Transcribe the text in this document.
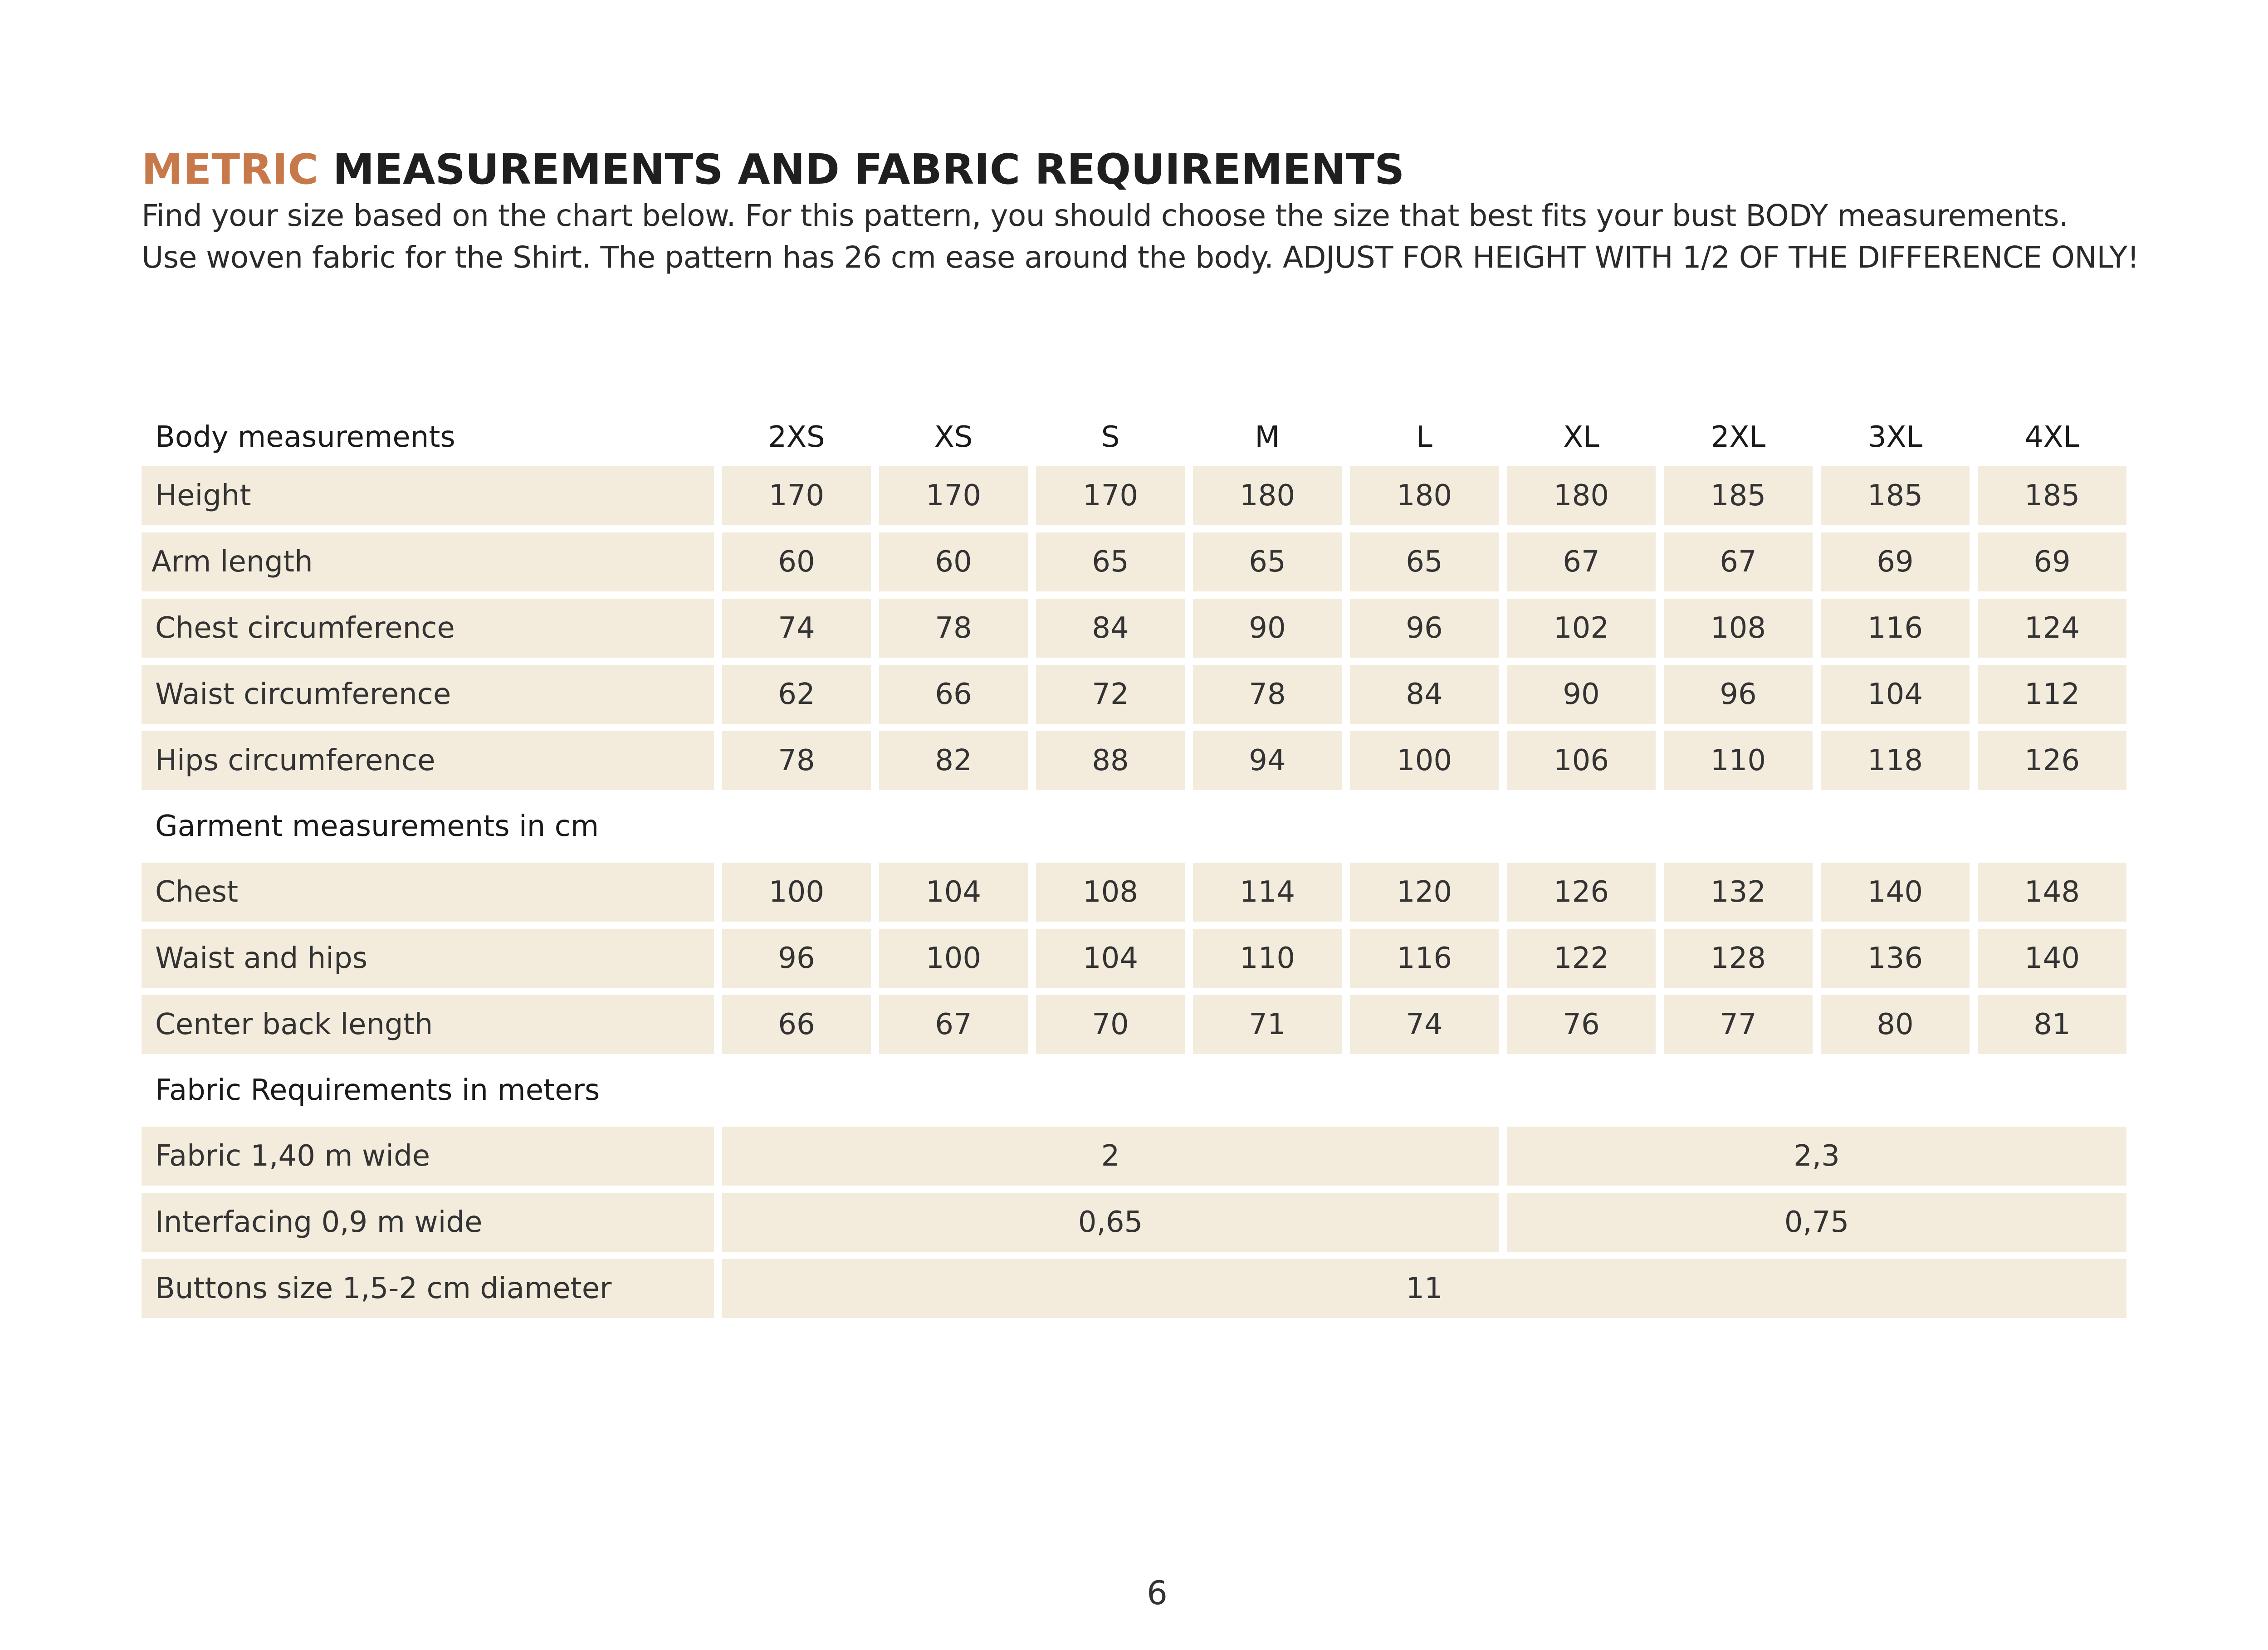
METRIC MEASUREMENTS AND FABRIC REQUIREMENTS

Find your size based on the chart below. For this pattern, you should choose the size that best fits your bust BODY measurements.

Use woven fabric for the Shirt. The pattern has 26 cm ease around the body. ADJUST FOR HEIGHT WITH 1/2 OF THE DIFFERENCE ONLY!

Body measurements	2XS	XS	S	M	L	XL	2XL	3XL	4XL
Height	170	170	170	180	180	180	185	185	185
Arm length	60	60	65	65	65	67	67	69	69
Chest circumference	74	78	84	90	96	102	108	116	124
Waist circumference	62	66	72	78	84	90	96	104	112
Hips circumference	78	82	88	94	100	106	110	118	126
Garment measurements in cm									
Chest	100	104	108	114	120	126	132	140	148
Waist and hips	96	100	104	110	116	122	128	136	140
Center back length	66	67	70	71	74	76	77	80	81
Fabric Requirements in meters									
Fabric 1,40 m wide	2					2,3			
Interfacing 0,9 m wide	0,65					0,75			
Buttons size 1,5-2 cm diameter	11								
6
